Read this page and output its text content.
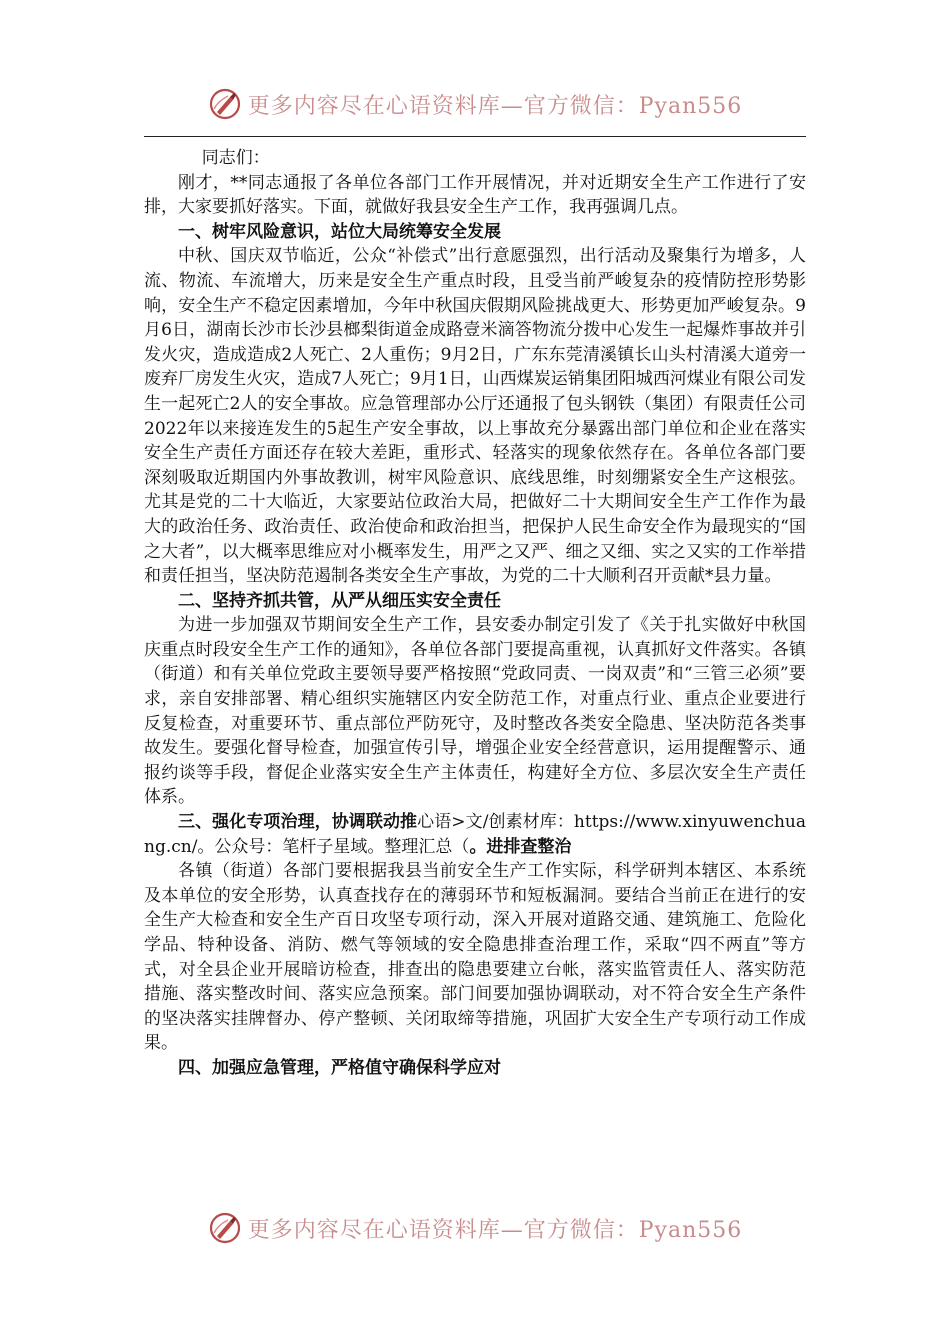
更多内容尽在心语资料库—官方微信：Pyan556

同志们：

刚才，**同志通报了各单位各部门工作开展情况，并对近期安全生产工作进行了安排，大家要抓好落实。下面，就做好我县安全生产工作，我再强调几点。

一、树牢风险意识，站位大局统筹安全发展

中秋、国庆双节临近，公众“补偿式”出行意愿强烈，出行活动及聚集行为增多，人流、物流、车流增大，历来是安全生产重点时段，且受当前严峻复杂的疫情防控形势影响，安全生产不稳定因素增加，今年中秋国庆假期风险挑战更大、形势更加严峻复杂。9月6日，湖南长沙市长沙县榔梨街道金成路壹米滴答物流分拨中心发生一起爆炸事故并引发火灾，造成造成2人死亡、2人重伤；9月2日，广东东莞清溪镇长山头村清溪大道旁一废弃厂房发生火灾，造成7人死亡；9月1日，山西煤炭运销集团阳城西河煤业有限公司发生一起死亡2人的安全事故。应急管理部办公厅还通报了包头钢铁（集团）有限责任公司2022年以来接连发生的5起生产安全事故，以上事故充分暴露出部门单位和企业在落实安全生产责任方面还存在较大差距，重形式、轻落实的现象依然存在。各单位各部门要深刻吸取近期国内外事故教训，树牢风险意识、底线思维，时刻绷紧安全生产这根弦。尤其是党的二十大临近，大家要站位政治大局，把做好二十大期间安全生产工作作为最大的政治任务、政治责任、政治使命和政治担当，把保护人民生命安全作为最现实的“国之大者”，以大概率思维应对小概率发生，用严之又严、细之又细、实之又实的工作举措和责任担当，坚决防范遏制各类安全生产事故，为党的二十大顺利召开贡献*县力量。

二、坚持齐抓共管，从严从细压实安全责任

为进一步加强双节期间安全生产工作，县安委办制定引发了《关于扎实做好中秋国庆重点时段安全生产工作的通知》，各单位各部门要提高重视，认真抓好文件落实。各镇（街道）和有关单位党政主要领导要严格按照“党政同责、一岗双责”和“三管三必须”要求，亲自安排部署、精心组织实施辖区内安全防范工作，对重点行业、重点企业要进行反复检查，对重要环节、重点部位严防死守，及时整改各类安全隐患、坚决防范各类事故发生。要强化督导检查，加强宣传引导，增强企业安全经营意识，运用提醒警示、通报约谈等手段，督促企业落实安全生产主体责任，构建好全方位、多层次安全生产责任体系。

三、强化专项治理，协调联动推心语>文/创素材库：https://www.xinyuwenchuang.cn/。公众号：笔杆子星域。整理汇总（。进排查整治

各镇（街道）各部门要根据我县当前安全生产工作实际，科学研判本辖区、本系统及本单位的安全形势，认真查找存在的薄弱环节和短板漏洞。要结合当前正在进行的安全生产大检查和安全生产百日攻坚专项行动，深入开展对道路交通、建筑施工、危险化学品、特种设备、消防、燃气等领域的安全隐患排查治理工作，采取“四不两直”等方式，对全县企业开展暗访检查，排查出的隐患要建立台帐，落实监管责任人、落实防范措施、落实整改时间、落实应急预案。部门间要加强协调联动，对不符合安全生产条件的坚决落实挂牌督办、停产整顿、关闭取缔等措施，巩固扩大安全生产专项行动工作成果。

四、加强应急管理，严格值守确保科学应对

更多内容尽在心语资料库—官方微信：Pyan556
